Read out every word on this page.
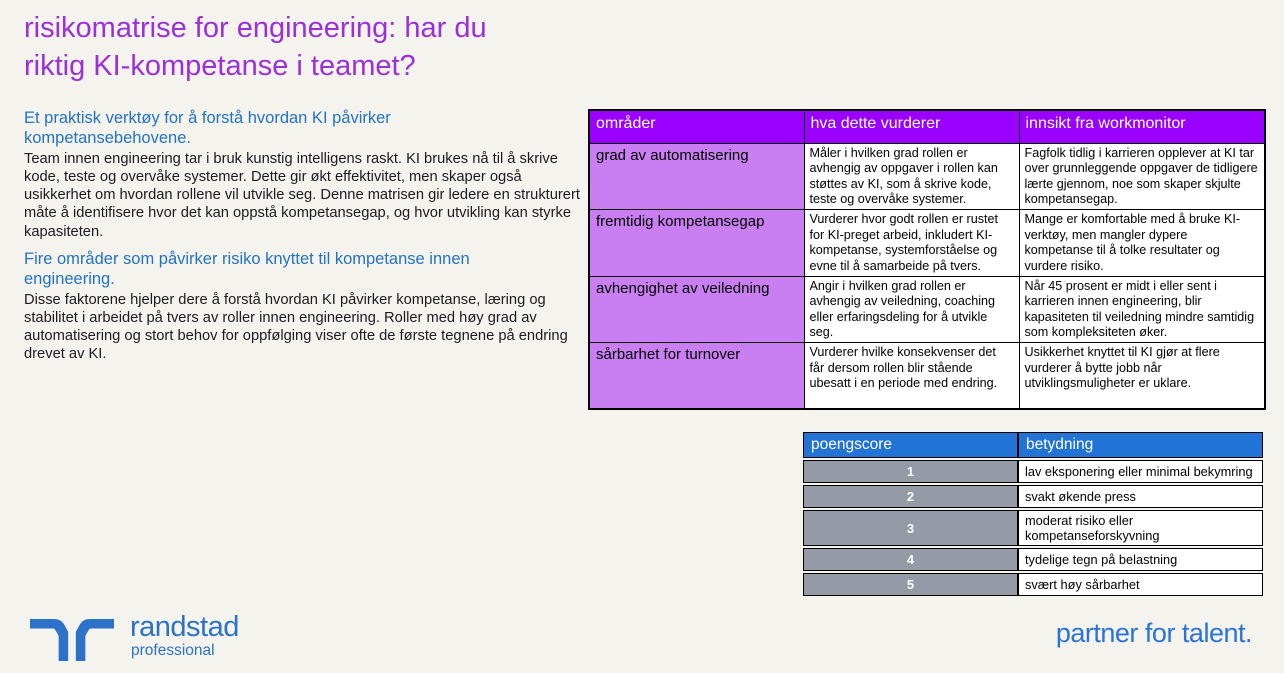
risikomatrise for engineering: har du riktig KI-kompetanse i teamet?
Et praktisk verktøy for å forstå hvordan KI påvirker kompetansebehovene.

Team innen engineering tar i bruk kunstig intelligens raskt. KI brukes nå til å skrive kode, teste og overvåke systemer. Dette gir økt effektivitet, men skaper også usikkerhet om hvordan rollene vil utvikle seg. Denne matrisen gir ledere en strukturert måte å identifisere hvor det kan oppstå kompetansegap, og hvor utvikling kan styrke kapasiteten.

Fire områder som påvirker risiko knyttet til kompetanse innen engineering.

Disse faktorene hjelper dere å forstå hvordan KI påvirker kompetanse, læring og stabilitet i arbeidet på tvers av roller innen engineering. Roller med høy grad av automatisering og stort behov for oppfølging viser ofte de første tegnene på endring drevet av KI.

områder	hva dette vurderer	innsikt fra workmonitor
grad av automatisering	Måler i hvilken grad rollen er avhengig av oppgaver i rollen kan støttes av KI, som å skrive kode, teste og overvåke systemer.	Fagfolk tidlig i karrieren opplever at KI tar over grunnleggende oppgaver de tidligere lærte gjennom, noe som skaper skjulte kompetansegap.
fremtidig kompetansegap	Vurderer hvor godt rollen er rustet for KI-preget arbeid, inkludert KI-kompetanse, systemforståelse og evne til å samarbeide på tvers.	Mange er komfortable med å bruke KI-verktøy, men mangler dypere kompetanse til å tolke resultater og vurdere risiko.
avhengighet av veiledning	Angir i hvilken grad rollen er avhengig av veiledning, coaching eller erfaringsdeling for å utvikle seg.	Når 45 prosent er midt i eller sent i karrieren innen engineering, blir kapasiteten til veiledning mindre samtidig som kompleksiteten øker.
sårbarhet for turnover	Vurderer hvilke konsekvenser det får dersom rollen blir stående ubesatt i en periode med endring.	Usikkerhet knyttet til KI gjør at flere vurderer å bytte jobb når utviklingsmuligheter er uklare.
poengscore	betydning
1	lav eksponering eller minimal bekymring
2	svakt økende press
3	moderat risiko eller kompetanseforskyvning
4	tydelige tegn på belastning
5	svært høy sårbarhet
randstad
professional
partner for talent.
